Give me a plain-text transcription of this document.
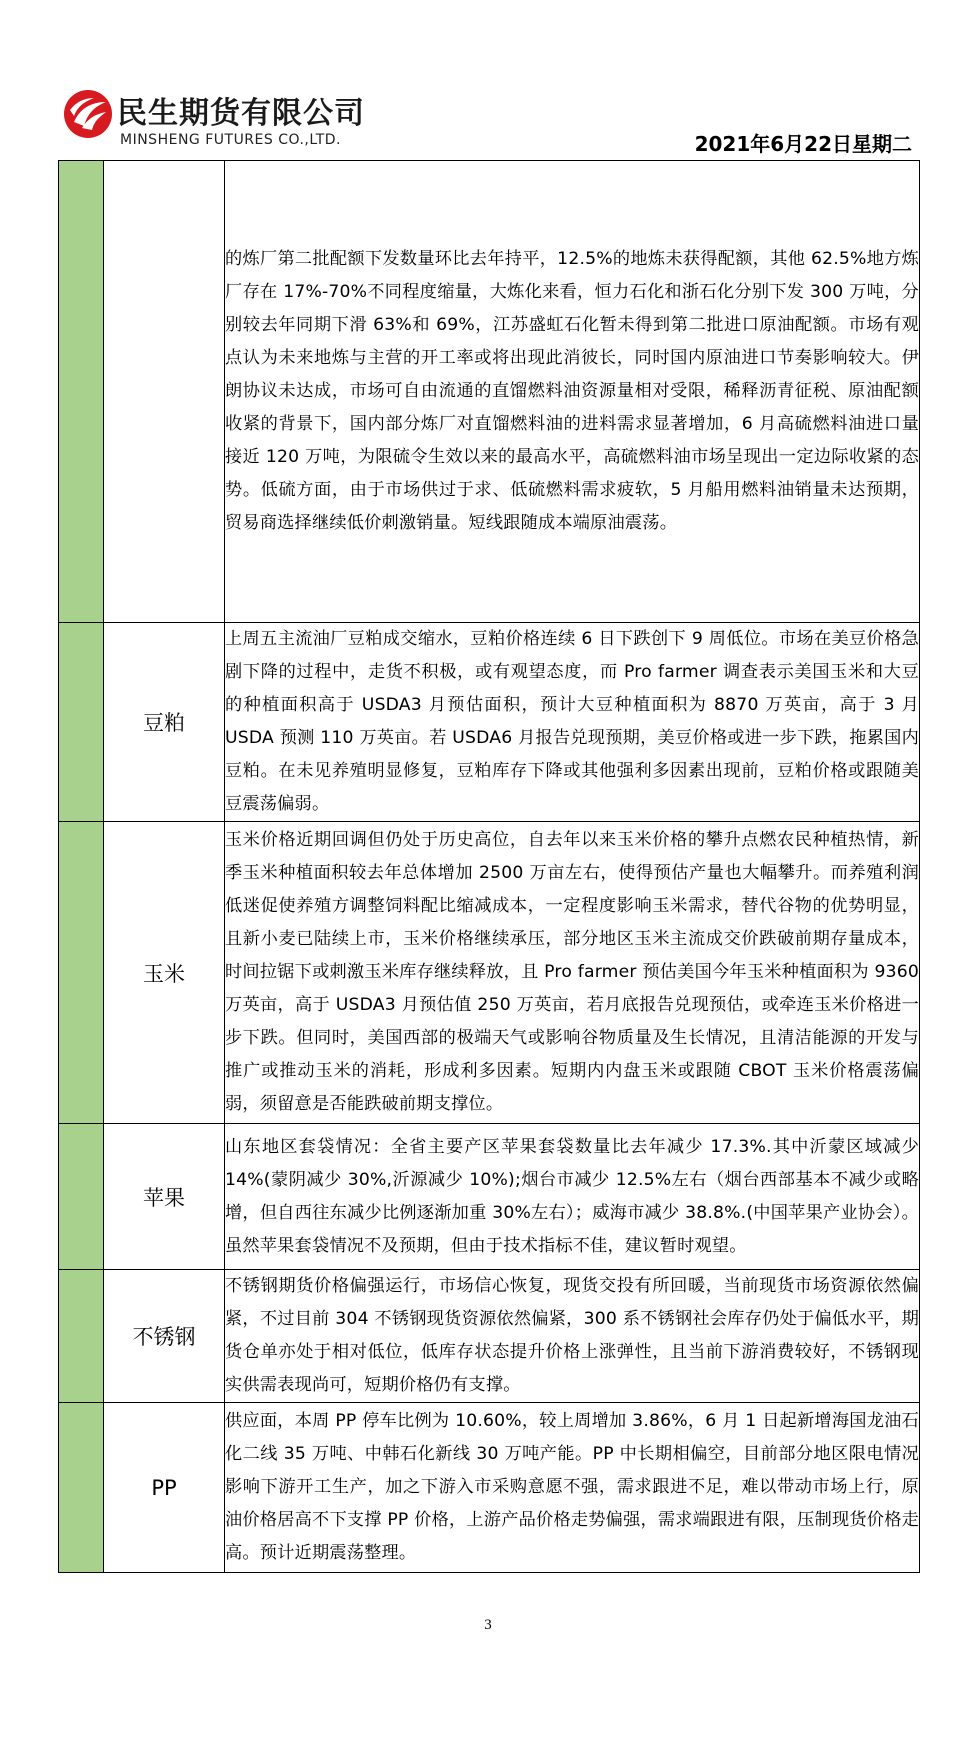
民生期货有限公司
MINSHENG FUTURES CO.,LTD.	2021年6月22日星期二
		的炼厂第二批配额下发数量环比去年持平，12.5%的地炼未获得配额，其他 62.5%地方炼厂存在 17%-70%不同程度缩量，大炼化来看，恒力石化和浙石化分别下发 300 万吨，分别较去年同期下滑 63%和 69%，江苏盛虹石化暂未得到第二批进口原油配额。市场有观点认为未来地炼与主营的开工率或将出现此消彼长，同时国内原油进口节奏影响较大。伊朗协议未达成，市场可自由流通的直馏燃料油资源量相对受限，稀释沥青征税、原油配额收紧的背景下，国内部分炼厂对直馏燃料油的进料需求显著增加，6 月高硫燃料油进口量接近 120 万吨，为限硫令生效以来的最高水平，高硫燃料油市场呈现出一定边际收紧的态势。低硫方面，由于市场供过于求、低硫燃料需求疲软，5 月船用燃料油销量未达预期，贸易商选择继续低价刺激销量。短线跟随成本端原油震荡。
	豆粕	上周五主流油厂豆粕成交缩水，豆粕价格连续 6 日下跌创下 9 周低位。市场在美豆价格急剧下降的过程中，走货不积极，或有观望态度，而 Pro farmer 调查表示美国玉米和大豆的种植面积高于 USDA3 月预估面积，预计大豆种植面积为 8870 万英亩，高于 3 月 USDA 预测 110 万英亩。若 USDA6 月报告兑现预期，美豆价格或进一步下跌，拖累国内豆粕。在未见养殖明显修复，豆粕库存下降或其他强利多因素出现前，豆粕价格或跟随美豆震荡偏弱。
	玉米	玉米价格近期回调但仍处于历史高位，自去年以来玉米价格的攀升点燃农民种植热情，新季玉米种植面积较去年总体增加 2500 万亩左右，使得预估产量也大幅攀升。而养殖利润低迷促使养殖方调整饲料配比缩减成本，一定程度影响玉米需求，替代谷物的优势明显，且新小麦已陆续上市，玉米价格继续承压，部分地区玉米主流成交价跌破前期存量成本，时间拉锯下或刺激玉米库存继续释放，且 Pro farmer 预估美国今年玉米种植面积为 9360 万英亩，高于 USDA3 月预估值 250 万英亩，若月底报告兑现预估，或牵连玉米价格进一步下跌。但同时，美国西部的极端天气或影响谷物质量及生长情况，且清洁能源的开发与推广或推动玉米的消耗，形成利多因素。短期内内盘玉米或跟随 CBOT 玉米价格震荡偏弱，须留意是否能跌破前期支撑位。
	苹果	山东地区套袋情况：全省主要产区苹果套袋数量比去年减少 17.3%.其中沂蒙区域减少 14%(蒙阴减少 30%,沂源减少 10%);烟台市减少 12.5%左右（烟台西部基本不减少或略增，但自西往东减少比例逐渐加重 30%左右）；威海市减少 38.8%.(中国苹果产业协会）。虽然苹果套袋情况不及预期，但由于技术指标不佳，建议暂时观望。
	不锈钢	不锈钢期货价格偏强运行，市场信心恢复，现货交投有所回暖，当前现货市场资源依然偏紧，不过目前 304 不锈钢现货资源依然偏紧，300 系不锈钢社会库存仍处于偏低水平，期货仓单亦处于相对低位，低库存状态提升价格上涨弹性，且当前下游消费较好，不锈钢现实供需表现尚可，短期价格仍有支撑。
	PP	供应面，本周 PP 停车比例为 10.60%，较上周增加 3.86%，6 月 1 日起新增海国龙油石化二线 35 万吨、中韩石化新线 30 万吨产能。PP 中长期相偏空，目前部分地区限电情况影响下游开工生产，加之下游入市采购意愿不强，需求跟进不足，难以带动市场上行，原油价格居高不下支撑 PP 价格，上游产品价格走势偏强，需求端跟进有限，压制现货价格走高。预计近期震荡整理。
3
